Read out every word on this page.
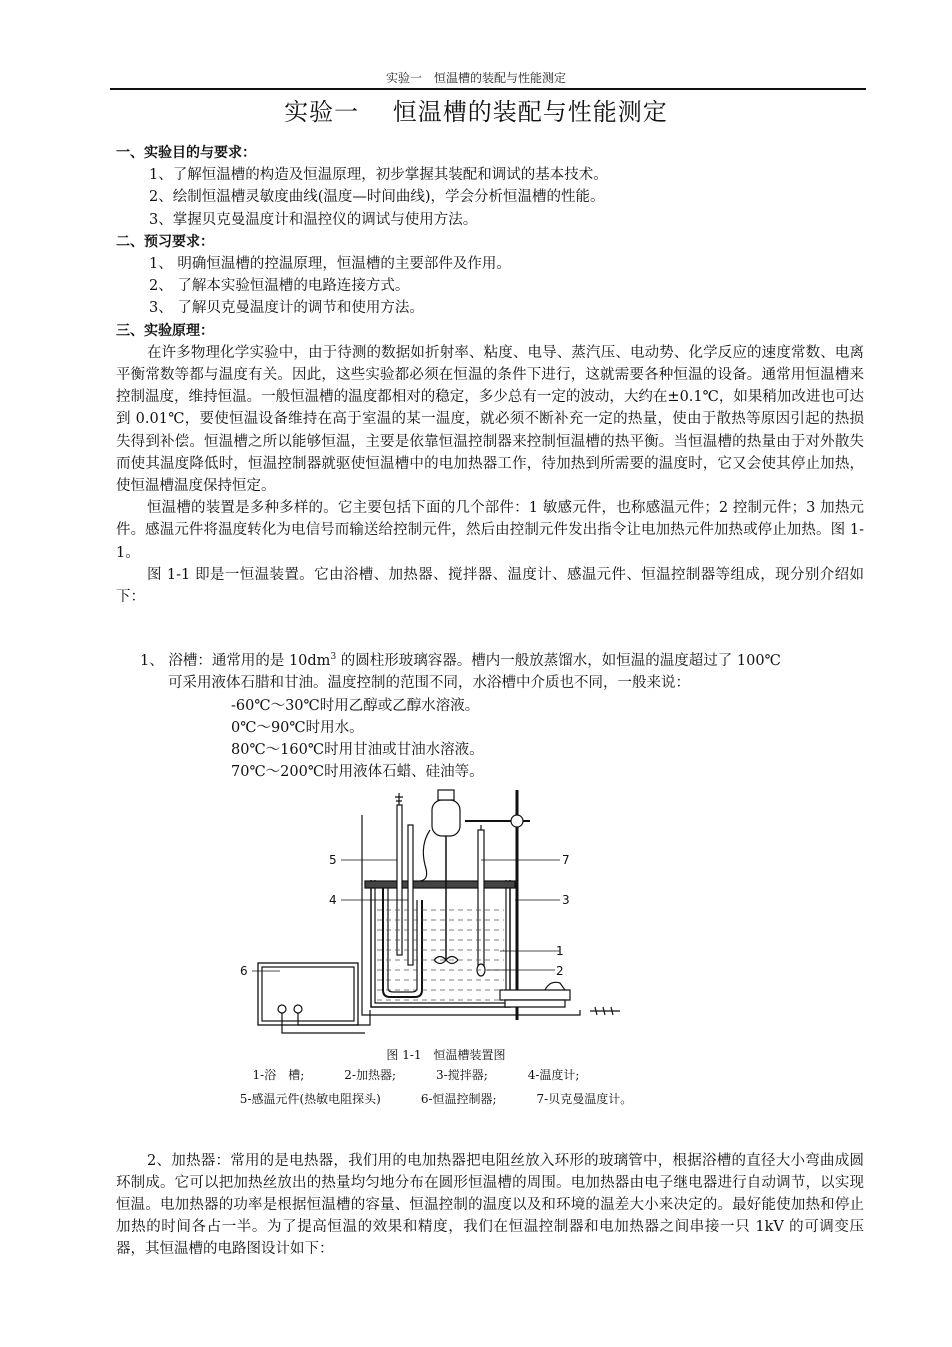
实验一　恒温槽的装配与性能测定
实验一　 恒温槽的装配与性能测定

一、实验目的与要求：

1、了解恒温槽的构造及恒温原理，初步掌握其装配和调试的基本技术。

2、绘制恒温槽灵敏度曲线(温度—时间曲线)，学会分析恒温槽的性能。

3、掌握贝克曼温度计和温控仪的调试与使用方法。

二、预习要求：

1、 明确恒温槽的控温原理，恒温槽的主要部件及作用。

2、 了解本实验恒温槽的电路连接方式。

3、 了解贝克曼温度计的调节和使用方法。

三、实验原理：

在许多物理化学实验中，由于待测的数据如折射率、粘度、电导、蒸汽压、电动势、化学反应的速度常数、电离平衡常数等都与温度有关。因此，这些实验都必须在恒温的条件下进行，这就需要各种恒温的设备。通常用恒温槽来控制温度，维持恒温。一般恒温槽的温度都相对的稳定，多少总有一定的波动，大约在±0.1℃，如果稍加改进也可达到 0.01℃，要使恒温设备维持在高于室温的某一温度，就必须不断补充一定的热量，使由于散热等原因引起的热损失得到补偿。恒温槽之所以能够恒温，主要是依靠恒温控制器来控制恒温槽的热平衡。当恒温槽的热量由于对外散失而使其温度降低时，恒温控制器就驱使恒温槽中的电加热器工作，待加热到所需要的温度时，它又会使其停止加热，使恒温槽温度保持恒定。

恒温槽的装置是多种多样的。它主要包括下面的几个部件：1 敏感元件，也称感温元件；2 控制元件；3 加热元件。感温元件将温度转化为电信号而输送给控制元件，然后由控制元件发出指令让电加热元件加热或停止加热。图 1-1。

图 1-1 即是一恒温装置。它由浴槽、加热器、搅拌器、温度计、感温元件、恒温控制器等组成，现分别介绍如下：

1、 浴槽：通常用的是 $10dm^3$ 的圆柱形玻璃容器。槽内一般放蒸馏水，如恒温的温度超过了 100℃

可采用液体石腊和甘油。温度控制的范围不同，水浴槽中介质也不同，一般来说：

-60℃～30℃时用乙醇或乙醇水溶液。

0℃～90℃时用水。

80℃～160℃时用甘油或甘油水溶液。

70℃～200℃时用液体石蜡、硅油等。

5	7
4	3
1
6	2
图 1-1　恒温槽装置图
1-浴　槽;	2-加热器;	3-搅拌器;	4-温度计;
5-感温元件(热敏电阻探头)	6-恒温控制器;	7-贝克曼温度计。

2、加热器：常用的是电热器，我们用的电加热器把电阻丝放入环形的玻璃管中，根据浴槽的直径大小弯曲成圆环制成。它可以把加热丝放出的热量均匀地分布在圆形恒温槽的周围。电加热器由电子继电器进行自动调节，以实现恒温。电加热器的功率是根据恒温槽的容量、恒温控制的温度以及和环境的温差大小来决定的。最好能使加热和停止加热的时间各占一半。为了提高恒温的效果和精度，我们在恒温控制器和电加热器之间串接一只 1kV 的可调变压器，其恒温槽的电路图设计如下：
